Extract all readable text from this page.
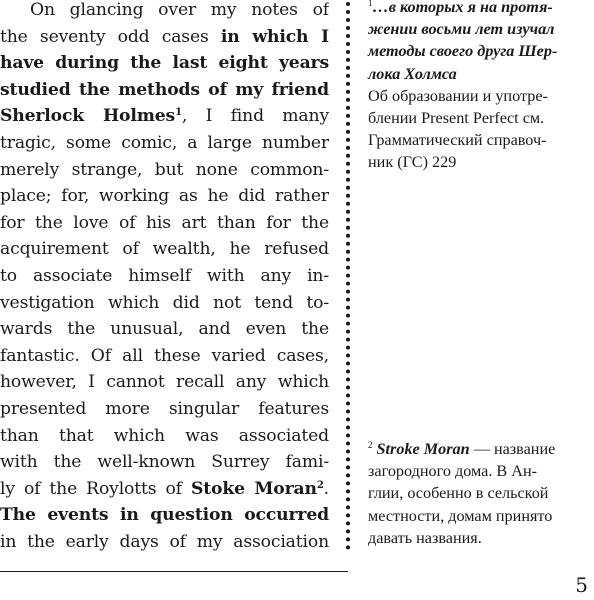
On glancing over my notes of
the seventy odd cases in which I
have during the last eight years
studied the methods of my friend
Sherlock Holmes$^1$, I find many
tragic, some comic, a large number
merely strange, but none common-
place; for, working as he did rather
for the love of his art than for the
acquirement of wealth, he refused
to associate himself with any in-
vestigation which did not tend to-
wards the unusual, and even the
fantastic. Of all these varied cases,
however, I cannot recall any which
presented more singular features
than that which was associated
with the well-known Surrey fami-
ly of the Roylotts of Stoke Moran$^2$.
The events in question occurred
in the early days of my association
$^1$…в которых я на протя-
жении восьми лет изучал
методы своего друга Шер-
лока Холмса
Об образовании и употре-
блении Present Perfect см.
Грамматический справоч-
ник (ГС) 229
$^2$ Stroke Moran — название
загородного дома. В Ан-
глии, особенно в сельской
местности, домам принято
давать названия.
5
